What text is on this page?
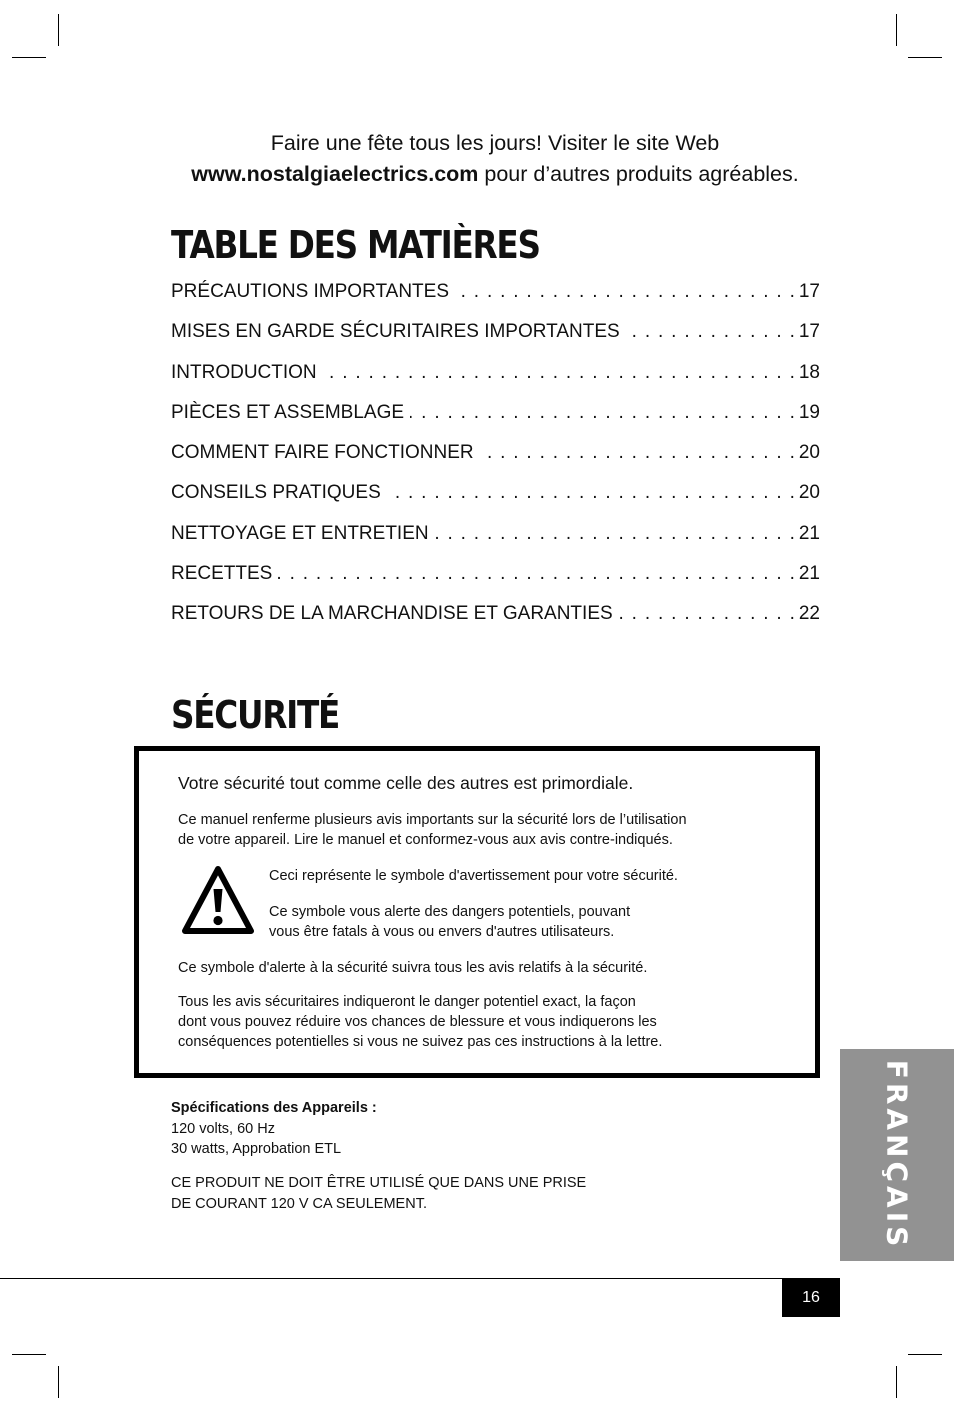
Faire une fête tous les jours! Visiter le site Web
www.nostalgiaelectrics.com pour d’autres produits agréables.
TABLE DES MATIÈRES
PRÉCAUTIONS IMPORTANTES . . .	17
MISES EN GARDE SÉCURITAIRES IMPORTANTES . . .	17
INTRODUCTION . . .	18
PIÈCES ET ASSEMBLAGE . . .	19
COMMENT FAIRE FONCTIONNER . . .	20
CONSEILS PRATIQUES . . .	20
NETTOYAGE ET ENTRETIEN . . .	21
RECETTES . . .	21
RETOURS DE LA MARCHANDISE ET GARANTIES . . .	22
SÉCURITÉ
Votre sécurité tout comme celle des autres est primordiale.
Ce manuel renferme plusieurs avis importants sur la sécurité lors de l’utilisation
de votre appareil. Lire le manuel et conformez-vous aux avis contre-indiqués.
Ceci représente le symbole d'avertissement pour votre sécurité.
Ce symbole vous alerte des dangers potentiels, pouvant
vous être fatals à vous ou envers d'autres utilisateurs.
Ce symbole d'alerte à la sécurité suivra tous les avis relatifs à la sécurité.
Tous les avis sécuritaires indiqueront le danger potentiel exact, la façon
dont vous pouvez réduire vos chances de blessure et vous indiquerons les
conséquences potentielles si vous ne suivez pas ces instructions à la lettre.
Spécifications des Appareils :
120 volts, 60 Hz
30 watts, Approbation ETL
CE PRODUIT NE DOIT ÊTRE UTILISÉ QUE DANS UNE PRISE
DE COURANT 120 V CA SEULEMENT.	FRANÇAIS
16
